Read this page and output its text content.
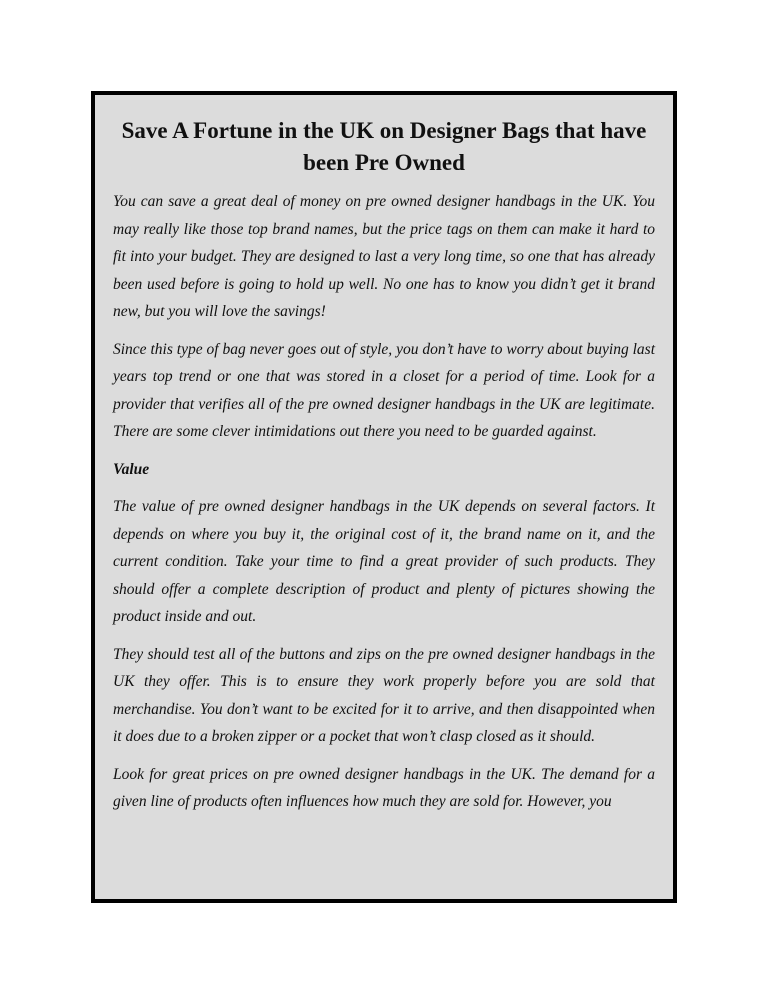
Save A Fortune in the UK on Designer Bags that have been Pre Owned

You can save a great deal of money on pre owned designer handbags in the UK. You may really like those top brand names, but the price tags on them can make it hard to fit into your budget. They are designed to last a very long time, so one that has already been used before is going to hold up well. No one has to know you didn’t get it brand new, but you will love the savings!

Since this type of bag never goes out of style, you don’t have to worry about buying last years top trend or one that was stored in a closet for a period of time. Look for a provider that verifies all of the pre owned designer handbags in the UK are legitimate. There are some clever intimidations out there you need to be guarded against.

Value

The value of pre owned designer handbags in the UK depends on several factors. It depends on where you buy it, the original cost of it, the brand name on it, and the current condition. Take your time to find a great provider of such products. They should offer a complete description of product and plenty of pictures showing the product inside and out.

They should test all of the buttons and zips on the pre owned designer handbags in the UK they offer. This is to ensure they work properly before you are sold that merchandise. You don’t want to be excited for it to arrive, and then disappointed when it does due to a broken zipper or a pocket that won’t clasp closed as it should.

Look for great prices on pre owned designer handbags in the UK. The demand for a given line of products often influences how much they are sold for. However, you
